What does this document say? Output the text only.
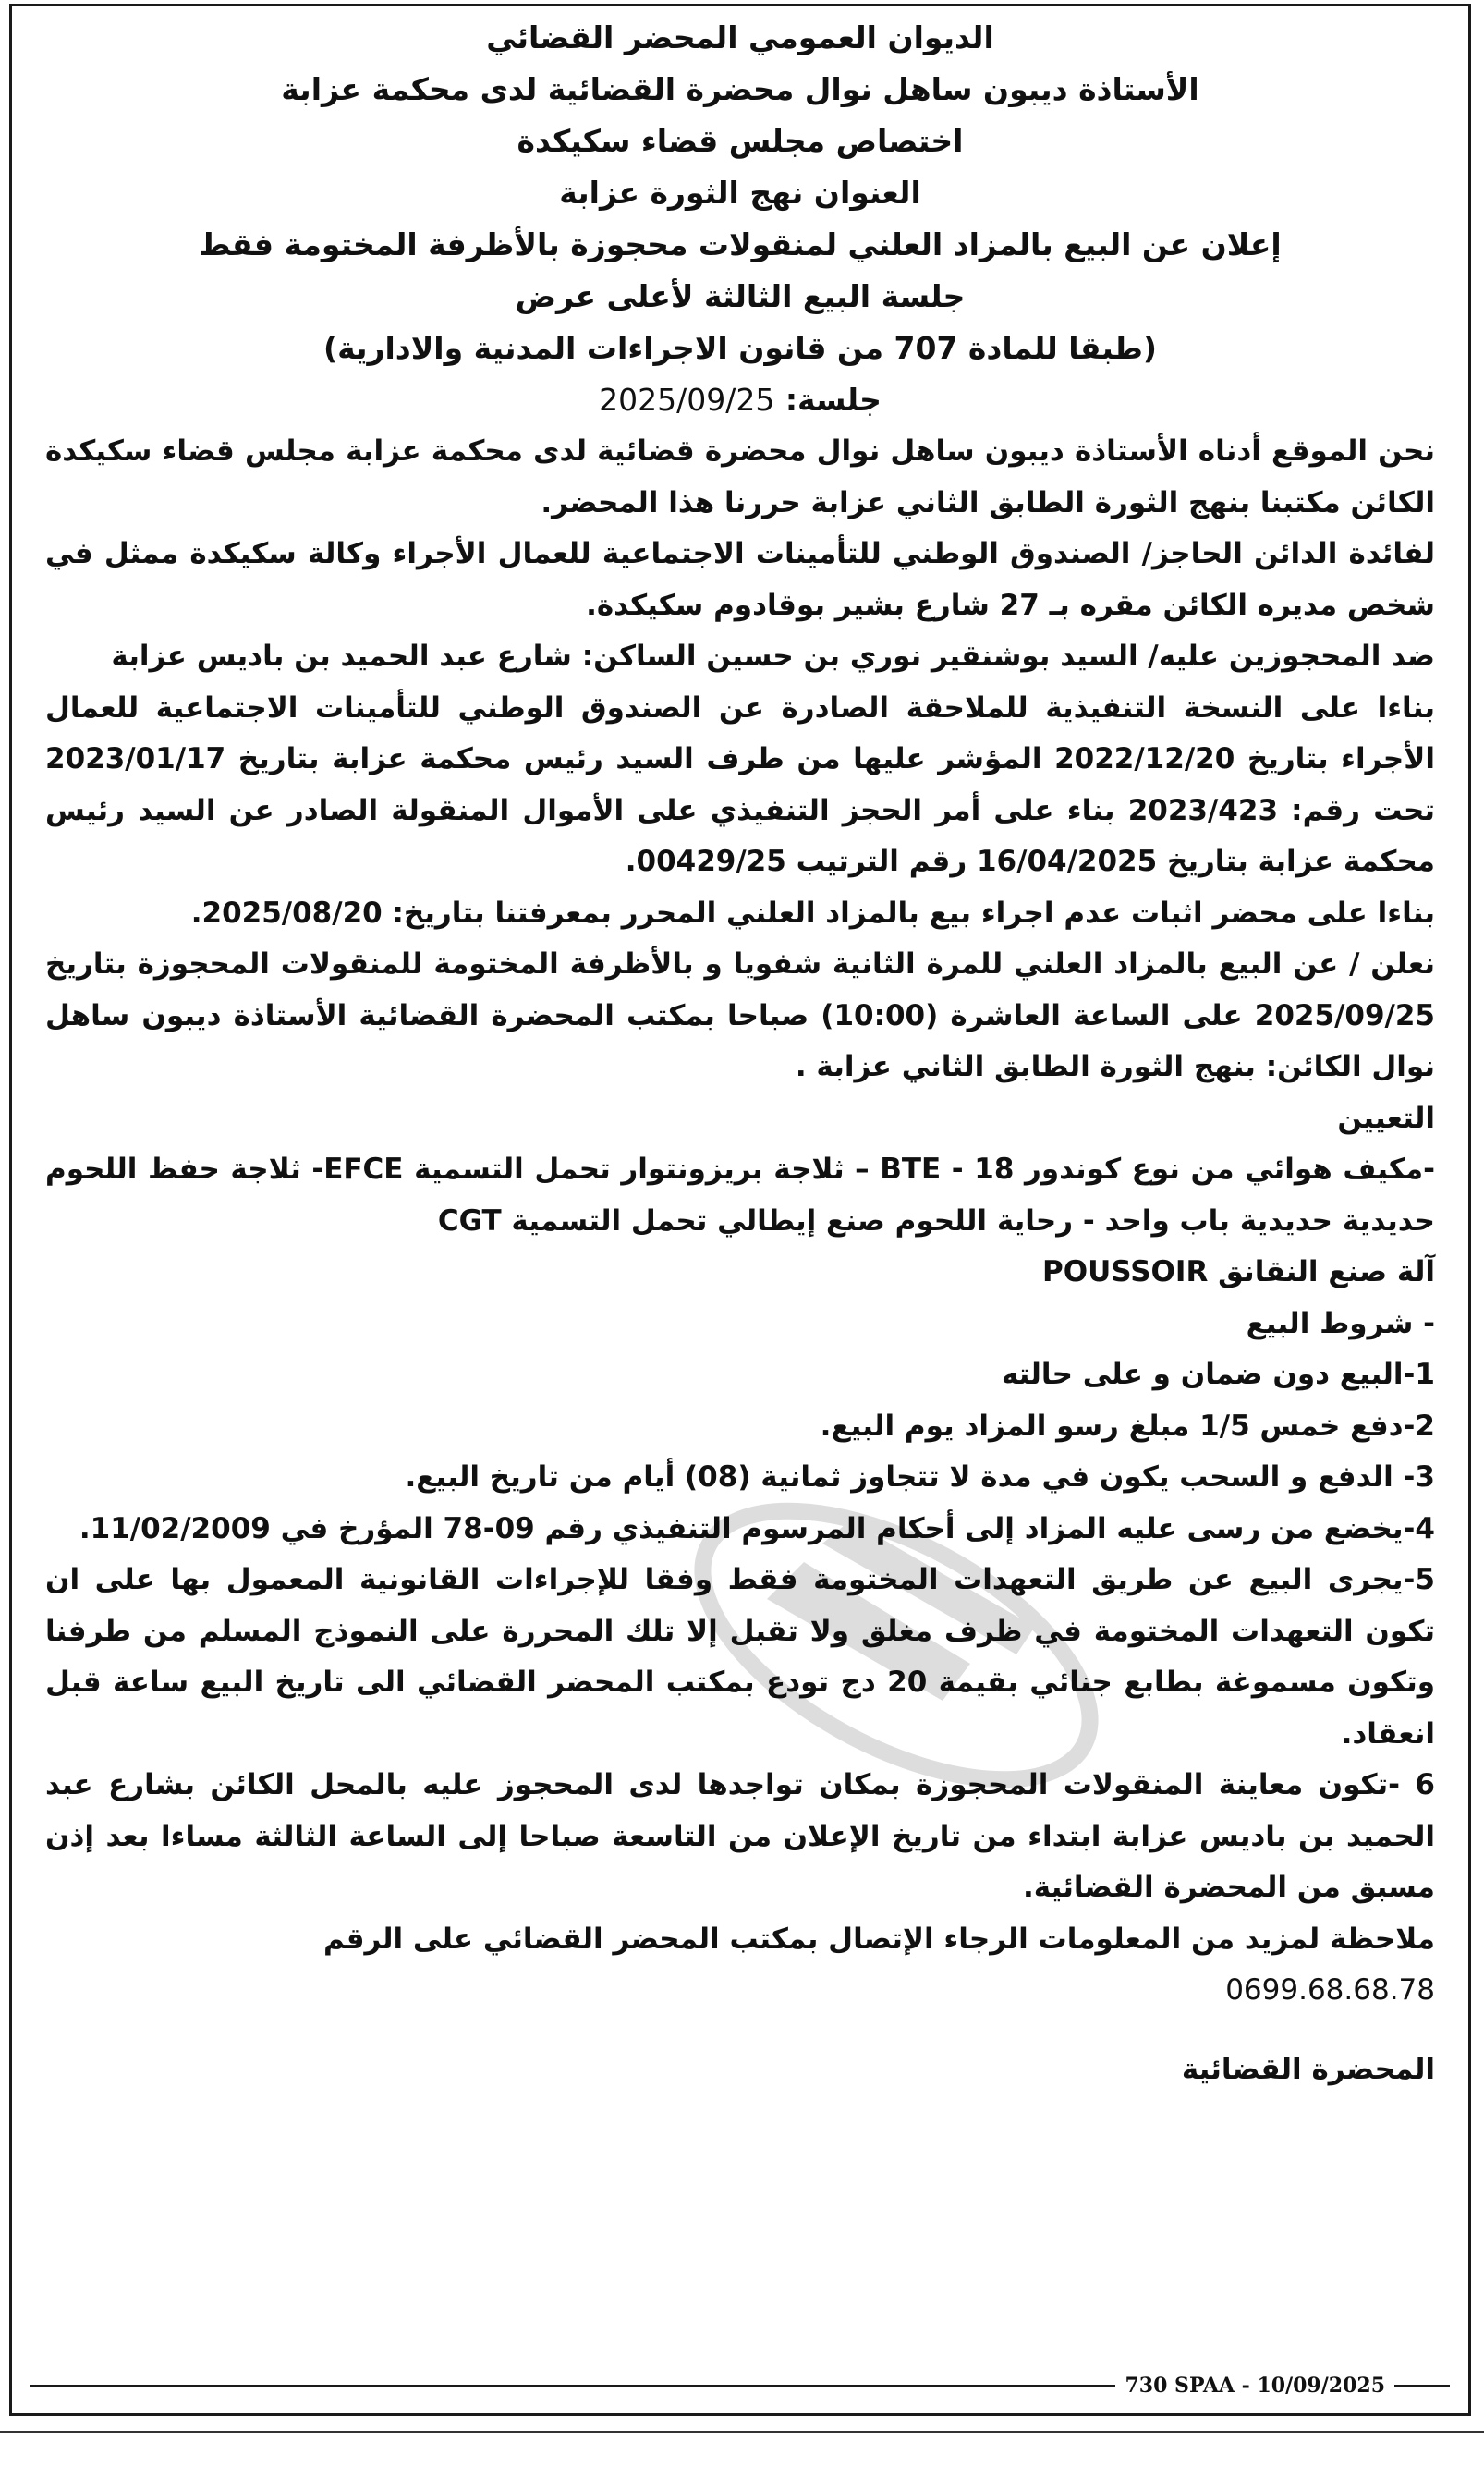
الديوان العمومي المحضر القضائي
الأستاذة ديبون ساهل نوال محضرة القضائية لدى محكمة عزابة
اختصاص مجلس قضاء سكيكدة
العنوان نهج الثورة عزابة
إعلان عن البيع بالمزاد العلني لمنقولات محجوزة بالأظرفة المختومة فقط
جلسة البيع الثالثة لأعلى عرض
(طبقا للمادة 707 من قانون الاجراءات المدنية والادارية)
جلسة: 2025/09/25

نحن الموقع أدناه الأستاذة ديبون ساهل نوال محضرة قضائية لدى محكمة عزابة مجلس قضاء سكيكدة الكائن مكتبنا بنهج الثورة الطابق الثاني عزابة حررنا هذا المحضر.

لفائدة الدائن الحاجز/ الصندوق الوطني للتأمينات الاجتماعية للعمال الأجراء وكالة سكيكدة ممثل في شخص مديره الكائن مقره بـ 27 شارع بشير بوقادوم سكيكدة.

ضد المحجوزين عليه/ السيد بوشنقير نوري بن حسين الساكن: شارع عبد الحميد بن باديس عزابة

بناءا على النسخة التنفيذية للملاحقة الصادرة عن الصندوق الوطني للتأمينات الاجتماعية للعمال الأجراء بتاريخ 2022/12/20 المؤشر عليها من طرف السيد رئيس محكمة عزابة بتاريخ 2023/01/17 تحت رقم: 2023/423 بناء على أمر الحجز التنفيذي على الأموال المنقولة الصادر عن السيد رئيس محكمة عزابة بتاريخ 16/04/2025 رقم الترتيب 00429/25.

بناءا على محضر اثبات عدم اجراء بيع بالمزاد العلني المحرر بمعرفتنا بتاريخ: 2025/08/20.

نعلن / عن البيع بالمزاد العلني للمرة الثانية شفويا و بالأظرفة المختومة للمنقولات المحجوزة بتاريخ 2025/09/25 على الساعة العاشرة (10:00) صباحا بمكتب المحضرة القضائية الأستاذة ديبون ساهل نوال الكائن: بنهج الثورة الطابق الثاني عزابة .

التعيين

-مكيف هوائي من نوع كوندور 18 - BTE – ثلاجة بريزونتوار تحمل التسمية EFCE- ثلاجة حفظ اللحوم حديدية حديدية باب واحد - رحاية اللحوم صنع إيطالي تحمل التسمية CGT

آلة صنع النقانق POUSSOIR

- شروط البيع

1-البيع دون ضمان و على حالته

2-دفع خمس 1/5 مبلغ رسو المزاد يوم البيع.

3- الدفع و السحب يكون في مدة لا تتجاوز ثمانية (08) أيام من تاريخ البيع.

4-يخضع من رسى عليه المزاد إلى أحكام المرسوم التنفيذي رقم 09-78 المؤرخ في 11/02/2009.

5-يجرى البيع عن طريق التعهدات المختومة فقط وفقا للإجراءات القانونية المعمول بها على ان تكون التعهدات المختومة في ظرف مغلق ولا تقبل إلا تلك المحررة على النموذج المسلم من طرفنا وتكون مسموغة بطابع جنائي بقيمة 20 دج تودع بمكتب المحضر القضائي الى تاريخ البيع ساعة قبل انعقاد.

6 -تكون معاينة المنقولات المحجوزة بمكان تواجدها لدى المحجوز عليه بالمحل الكائن بشارع عبد الحميد بن باديس عزابة ابتداء من تاريخ الإعلان من التاسعة صباحا إلى الساعة الثالثة مساءا بعد إذن مسبق من المحضرة القضائية.

ملاحظة لمزيد من المعلومات الرجاء الإتصال بمكتب المحضر القضائي على الرقم

0699.68.68.78

المحضرة القضائية
730 SPAA - 10/09/2025
